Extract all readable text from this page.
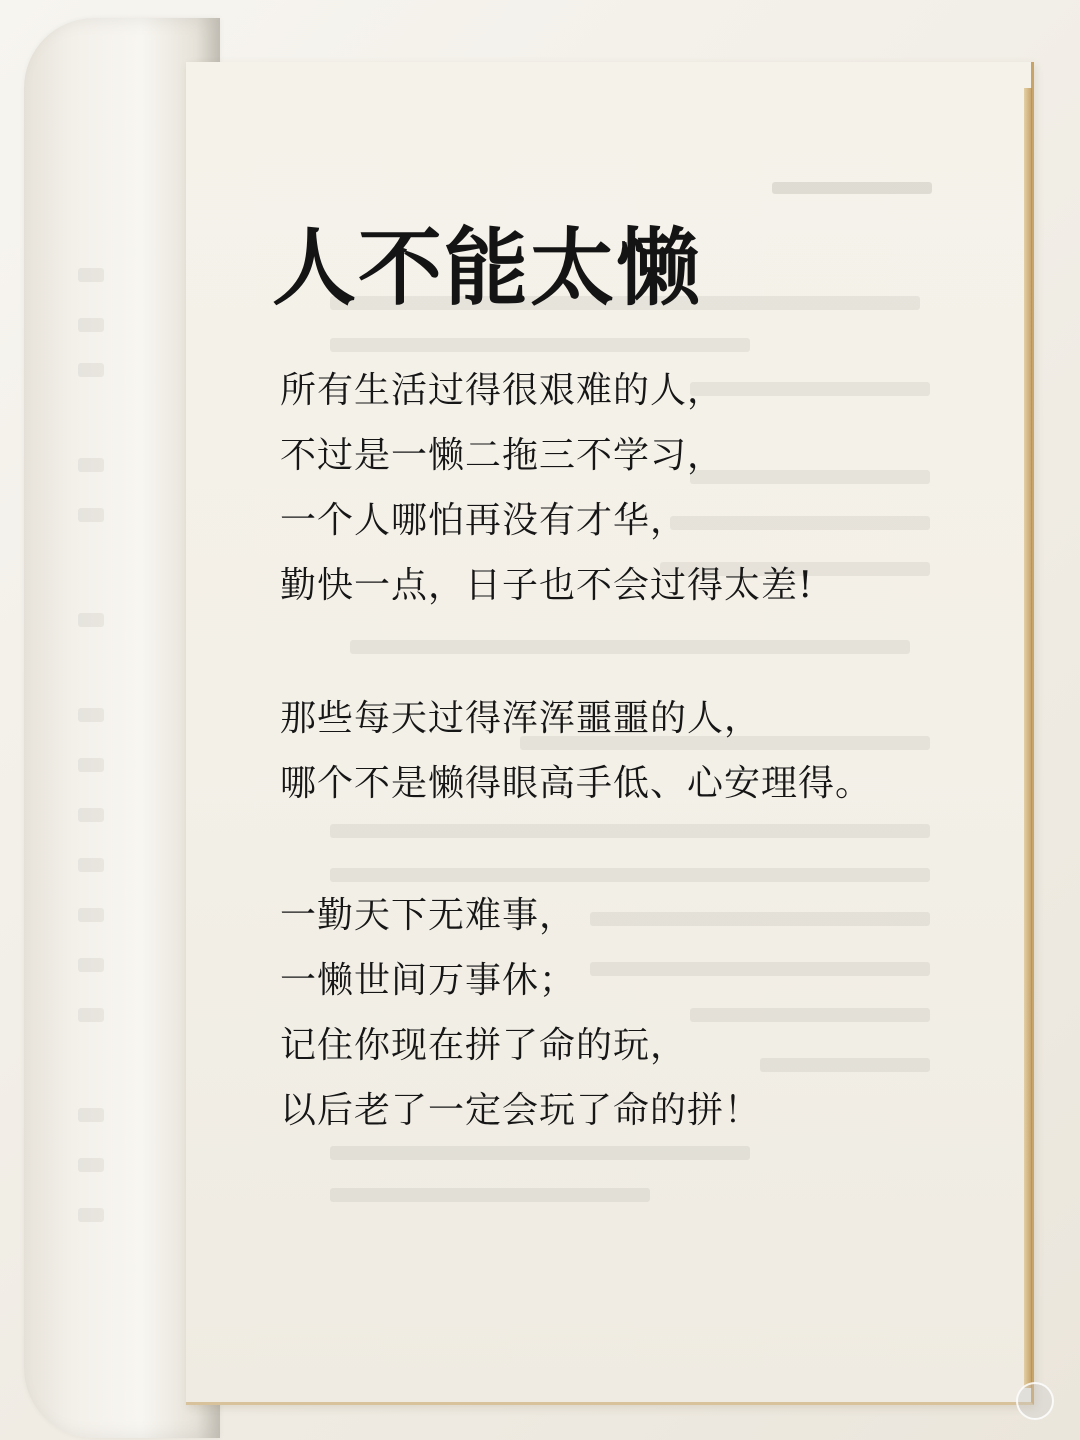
人不能太懒
所有生活过得很艰难的人，
不过是一懒二拖三不学习，
一个人哪怕再没有才华，
勤快一点，日子也不会过得太差!
那些每天过得浑浑噩噩的人，
哪个不是懒得眼高手低、心安理得。
一勤天下无难事，
一懒世间万事休；
记住你现在拼了命的玩，
以后老了一定会玩了命的拼！
